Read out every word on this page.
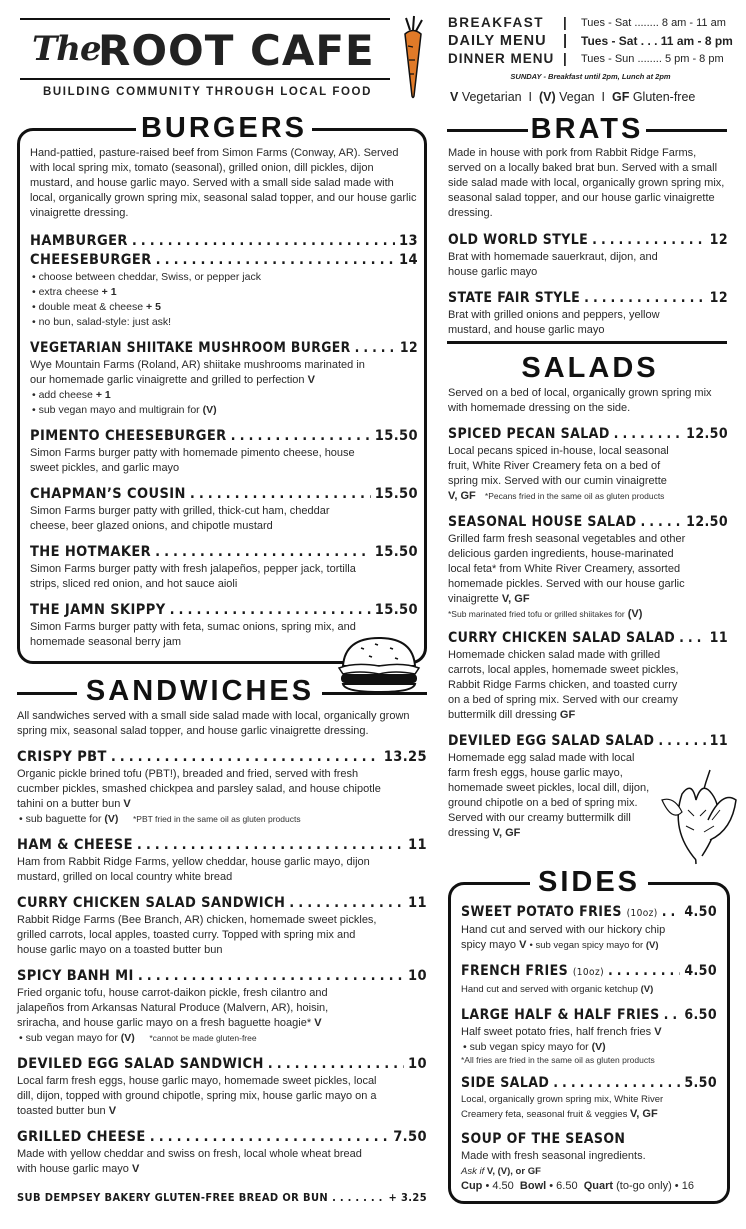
The
ROOT CAFE
BUILDING COMMUNITY THROUGH LOCAL FOOD
BREAKFAST	|	Tues - Sat ........ 8 am - 11 am
DAILY MENU	|	Tues - Sat . . . 11 am - 8 pm
DINNER MENU |	Tues - Sun ........ 5 pm - 8 pm
SUNDAY - Breakfast until 2pm, Lunch at 2pm
V Vegetarian  I  (V) Vegan  I  GF Gluten-free
BURGERS
Hand-pattied, pasture-raised beef from Simon Farms (Conway, AR). Served with local spring mix, tomato (seasonal), grilled onion, dill pickles, dijon mustard, and house garlic mayo. Served with a small side salad made with local, organically grown spring mix, seasonal salad topper, and our house garlic vinaigrette dressing.
HAMBURGER .....	13
CHEESEBURGER .....	14
• choose between cheddar, Swiss, or pepper jack
• extra cheese + 1
• double meat & cheese + 5
• no bun, salad-style: just ask!
VEGETARIAN SHIITAKE MUSHROOM BURGER .....	12
Wye Mountain Farms (Roland, AR) shiitake mushrooms marinated in our homemade garlic vinaigrette and grilled to perfection V
• add cheese + 1
• sub vegan mayo and multigrain for (V)
PIMENTO CHEESEBURGER .....	15.50
Simon Farms burger patty with homemade pimento cheese, house sweet pickles, and garlic mayo
CHAPMAN’S COUSIN .....	15.50
Simon Farms burger patty with grilled, thick-cut ham, cheddar cheese, beer glazed onions, and chipotle mustard
THE HOTMAKER .....	15.50
Simon Farms burger patty with fresh jalapeños, pepper jack, tortilla strips, sliced red onion, and hot sauce aioli
THE JAMN SKIPPY .....	15.50
Simon Farms burger patty with feta, sumac onions, spring mix, and homemade seasonal berry jam
BRATS
Made in house with pork from Rabbit Ridge Farms, served on a locally baked brat bun. Served with a small side salad made with local, organically grown spring mix, seasonal salad topper, and our house garlic vinaigrette dressing.
OLD WORLD STYLE .....	12
Brat with homemade sauerkraut, dijon, and house garlic mayo
STATE FAIR STYLE .....	12
Brat with grilled onions and peppers, yellow mustard, and house garlic mayo
SALADS
Served on a bed of local, organically grown spring mix with homemade dressing on the side.
SPICED PECAN SALAD .....	12.50
Local pecans spiced in-house, local seasonal fruit, White River Creamery feta on a bed of spring mix. Served with our cumin vinaigrette
V, GF *Pecans fried in the same oil as gluten products
SEASONAL HOUSE SALAD .....	12.50
Grilled farm fresh seasonal vegetables and other delicious garden ingredients, house-marinated local feta* from White River Creamery, assorted homemade pickles. Served with our house garlic vinaigrette V, GF
*Sub marinated fried tofu or grilled shiitakes for (V)
CURRY CHICKEN SALAD SALAD ..... 11
Homemade chicken salad made with grilled carrots, local apples, homemade sweet pickles, Rabbit Ridge Farms chicken, and toasted curry on a bed of spring mix. Served with our creamy buttermilk dill dressing GF
DEVILED EGG SALAD SALAD .....	11
Homemade egg salad made with local farm fresh eggs, house garlic mayo, homemade sweet pickles, local dill, dijon, ground chipotle on a bed of spring mix. Served with our creamy buttermilk dill dressing V, GF
SANDWICHES
All sandwiches served with a small side salad made with local, organically grown spring mix, seasonal salad topper, and house garlic vinaigrette dressing.
CRISPY PBT .....	13.25
Organic pickle brined tofu (PBT!), breaded and fried, served with fresh cucmber pickles, smashed chickpea and parsley salad, and house chipotle tahini on a butter bun V
• sub baguette for (V) *PBT fried in the same oil as gluten products
HAM & CHEESE .....	11
Ham from Rabbit Ridge Farms, yellow cheddar, house garlic mayo, dijon mustard, grilled on local country white bread
CURRY CHICKEN SALAD SANDWICH .....	11
Rabbit Ridge Farms (Bee Branch, AR) chicken, homemade sweet pickles, grilled carrots, local apples, toasted curry. Topped with spring mix and house garlic mayo on a toasted butter bun
SPICY BANH MI .....	10
Fried organic tofu, house carrot-daikon pickle, fresh cilantro and jalapeños from Arkansas Natural Produce (Malvern, AR), hoisin, sriracha, and house garlic mayo on a fresh baguette hoagie* V
• sub vegan mayo for (V) *cannot be made gluten-free
DEVILED EGG SALAD SANDWICH .....	10
Local farm fresh eggs, house garlic mayo, homemade sweet pickles, local dill, dijon, topped with ground chipotle, spring mix, house garlic mayo on a toasted butter bun V
GRILLED CHEESE .....	7.50
Made with yellow cheddar and swiss on fresh, local whole wheat bread with house garlic mayo V
SUB DEMPSEY BAKERY GLUTEN-FREE BREAD OR BUN .....	+ 3.25
SIDES
SWEET POTATO FRIES
(10oz) ..... 4.50
Hand cut and served with our hickory chip spicy mayo V • sub vegan spicy mayo for (V)
FRENCH FRIES
(10oz) .....	4.50
Hand cut and served with organic ketchup (V)
LARGE HALF & HALF FRIES ..... 6.50
Half sweet potato fries, half french fries V
• sub vegan spicy mayo for (V)
*All fries are fried in the same oil as gluten products
SIDE SALAD .....	5.50
Local, organically grown spring mix, White River Creamery feta, seasonal fruit & veggies V, GF
SOUP OF THE SEASON
Made with fresh seasonal ingredients.
Ask if V, (V), or GF
Cup • 4.50 Bowl • 6.50 Quart (to-go only) • 16
